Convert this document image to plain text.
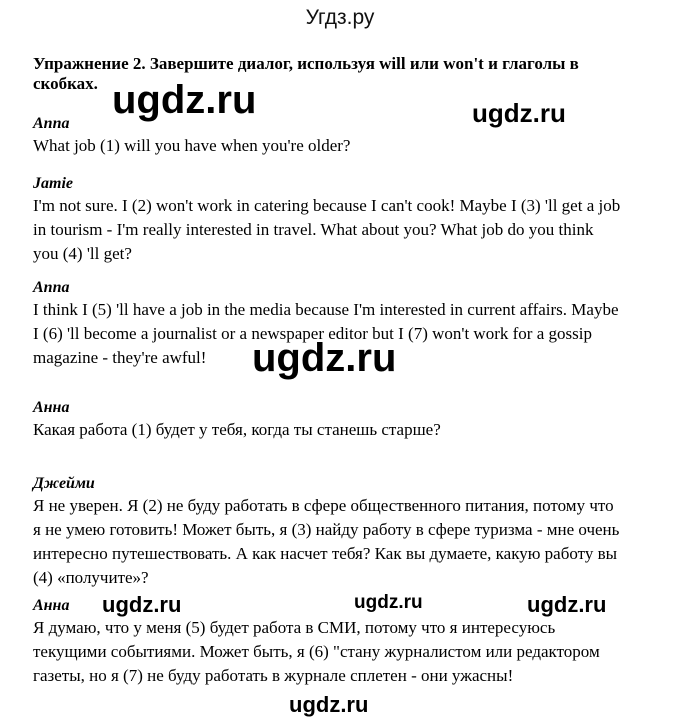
Угдз.ру
Упражнение 2. Завершите диалог, используя will или won't и глаголы в скобках.
Anna
What job (1) will you have when you're older?
Jamie
I'm not sure. I (2) won't work in catering because I can't cook! Maybe I (3) 'll get a job in tourism - I'm really interested in travel. What about you? What job do you think you (4) 'll get?
Anna
I think I (5) 'll have a job in the media because I'm interested in current affairs. Maybe I (6) 'll become a journalist or a newspaper editor but I (7) won't work for a gossip magazine - they're awful!
Анна
Какая работа (1) будет у тебя, когда ты станешь старше?
Джейми
Я не уверен. Я (2) не буду работать в сфере общественного питания, потому что я не умею готовить! Может быть, я (3) найду работу в сфере туризма - мне очень интересно путешествовать. А как насчет тебя? Как вы думаете, какую работу вы (4) «получите»?
Анна
Я думаю, что у меня (5) будет работа в СМИ, потому что я интересуюсь текущими событиями. Может быть, я (6) "стану журналистом или редактором газеты, но я (7) не буду работать в журнале сплетен - они ужасны!
ugdz.ru	ugdz.ru
ugdz.ru
ugdz.ru	ugdz.ru	ugdz.ru
ugdz.ru
